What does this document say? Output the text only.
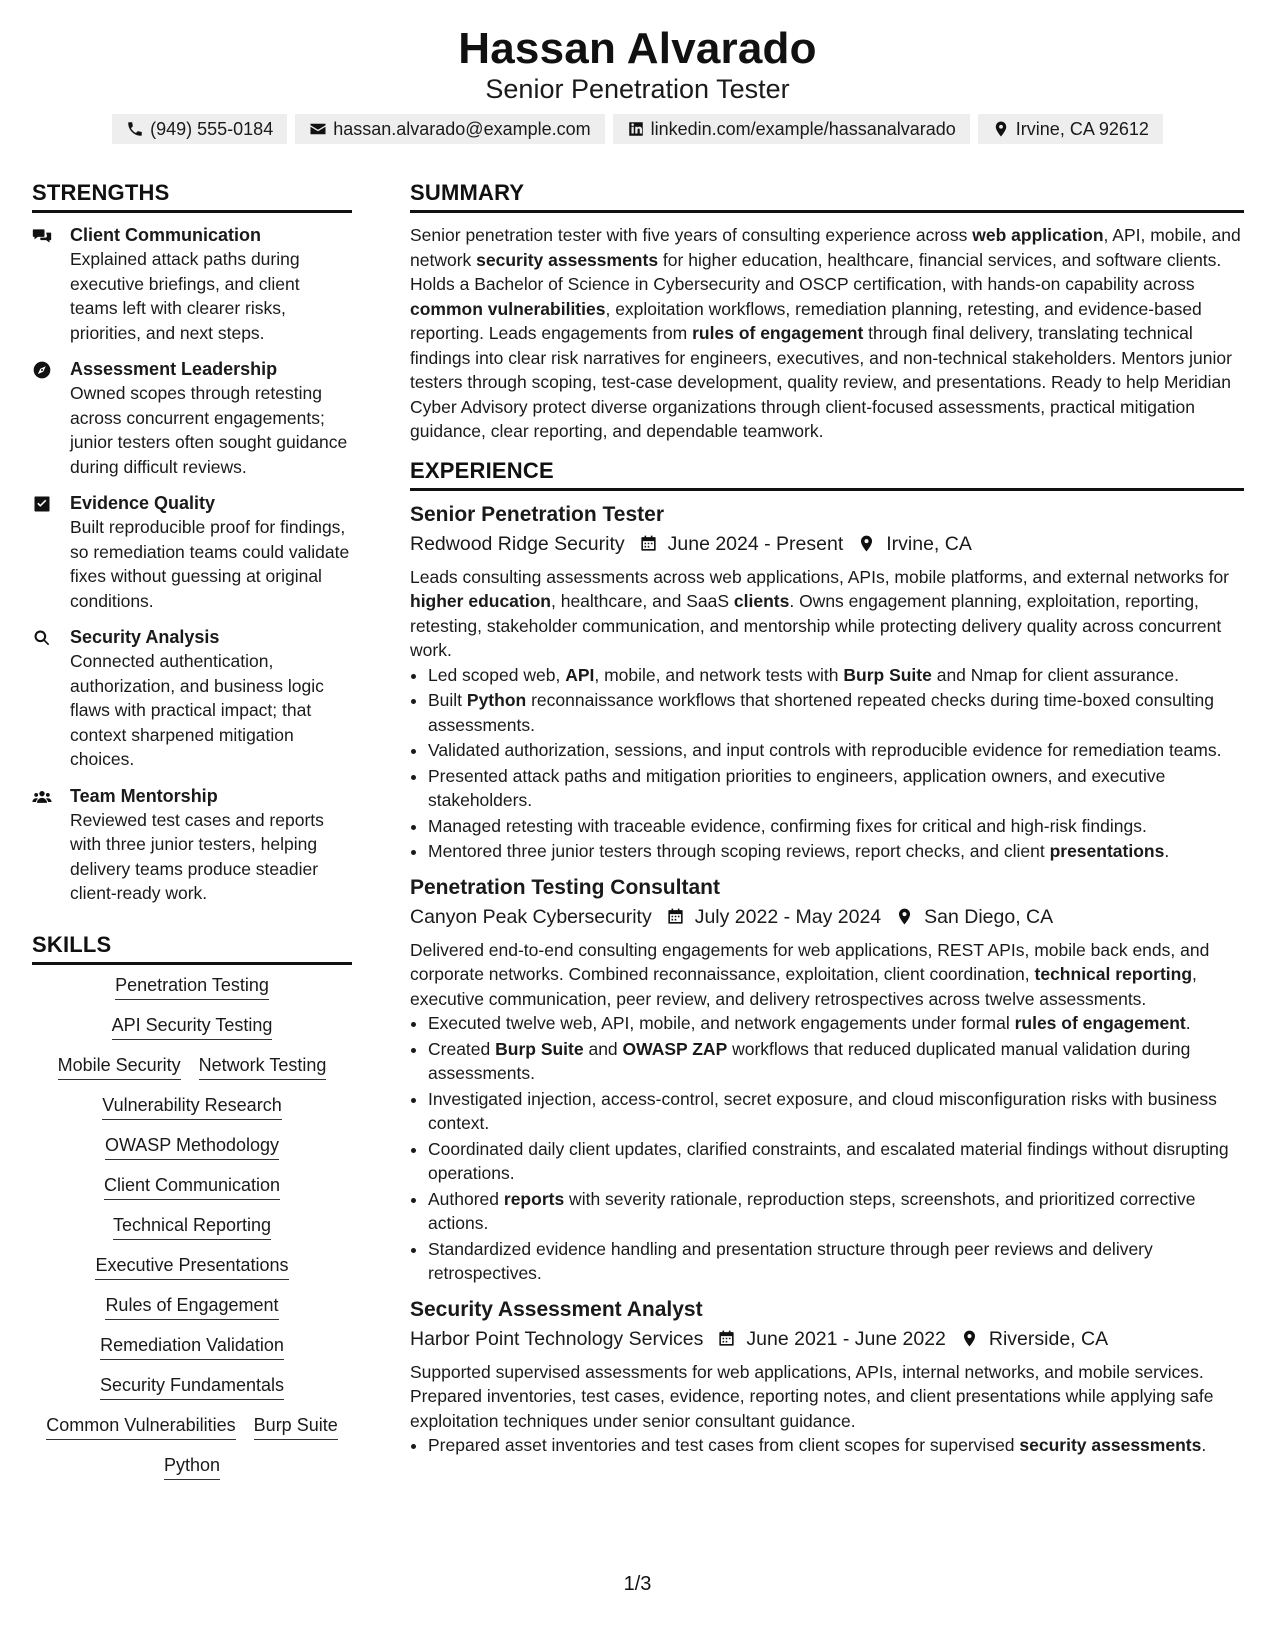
Hassan Alvarado
Senior Penetration Tester
(949) 555-0184	hassan.alvarado@example.com	linkedin.com/example/hassanalvarado	Irvine, CA 92612
STRENGTHS
Client Communication
Explained attack paths during executive briefings, and client teams left with clearer risks, priorities, and next steps.
Assessment Leadership
Owned scopes through retesting across concurrent engagements; junior testers often sought guidance during difficult reviews.
Evidence Quality
Built reproducible proof for findings, so remediation teams could validate fixes without guessing at original conditions.
Security Analysis
Connected authentication, authorization, and business logic flaws with practical impact; that context sharpened mitigation choices.
Team Mentorship
Reviewed test cases and reports with three junior testers, helping delivery teams produce steadier client-ready work.
SKILLS
Penetration Testing
API Security Testing
Mobile Security Network Testing
Vulnerability Research
OWASP Methodology
Client Communication
Technical Reporting
Executive Presentations
Rules of Engagement
Remediation Validation
Security Fundamentals
Common Vulnerabilities Burp Suite
Python
SUMMARY

Senior penetration tester with five years of consulting experience across web application, API, mobile, and network security assessments for higher education, healthcare, financial services, and software clients. Holds a Bachelor of Science in Cybersecurity and OSCP certification, with hands-on capability across common vulnerabilities, exploitation workflows, remediation planning, retesting, and evidence-based reporting. Leads engagements from rules of engagement through final delivery, translating technical findings into clear risk narratives for engineers, executives, and non-technical stakeholders. Mentors junior testers through scoping, test-case development, quality review, and presentations. Ready to help Meridian Cyber Advisory protect diverse organizations through client-focused assessments, practical mitigation guidance, clear reporting, and dependable teamwork.

EXPERIENCE
Senior Penetration Tester
Redwood Ridge Security June 2024 - Present Irvine, CA

Leads consulting assessments across web applications, APIs, mobile platforms, and external networks for higher education, healthcare, and SaaS clients. Owns engagement planning, exploitation, reporting, retesting, stakeholder communication, and mentorship while protecting delivery quality across concurrent work.

• Led scoped web, API, mobile, and network tests with Burp Suite and Nmap for client assurance.
• Built Python reconnaissance workflows that shortened repeated checks during time-boxed consulting assessments.
• Validated authorization, sessions, and input controls with reproducible evidence for remediation teams.
• Presented attack paths and mitigation priorities to engineers, application owners, and executive stakeholders.
• Managed retesting with traceable evidence, confirming fixes for critical and high-risk findings.
• Mentored three junior testers through scoping reviews, report checks, and client presentations.
Penetration Testing Consultant
Canyon Peak Cybersecurity July 2022 - May 2024 San Diego, CA

Delivered end-to-end consulting engagements for web applications, REST APIs, mobile back ends, and corporate networks. Combined reconnaissance, exploitation, client coordination, technical reporting, executive communication, peer review, and delivery retrospectives across twelve assessments.

• Executed twelve web, API, mobile, and network engagements under formal rules of engagement.
• Created Burp Suite and OWASP ZAP workflows that reduced duplicated manual validation during assessments.
• Investigated injection, access-control, secret exposure, and cloud misconfiguration risks with business context.
• Coordinated daily client updates, clarified constraints, and escalated material findings without disrupting operations.
• Authored reports with severity rationale, reproduction steps, screenshots, and prioritized corrective actions.
• Standardized evidence handling and presentation structure through peer reviews and delivery retrospectives.
Security Assessment Analyst
Harbor Point Technology Services June 2021 - June 2022 Riverside, CA

Supported supervised assessments for web applications, APIs, internal networks, and mobile services. Prepared inventories, test cases, evidence, reporting notes, and client presentations while applying safe exploitation techniques under senior consultant guidance.

• Prepared asset inventories and test cases from client scopes for supervised security assessments.
1/3
